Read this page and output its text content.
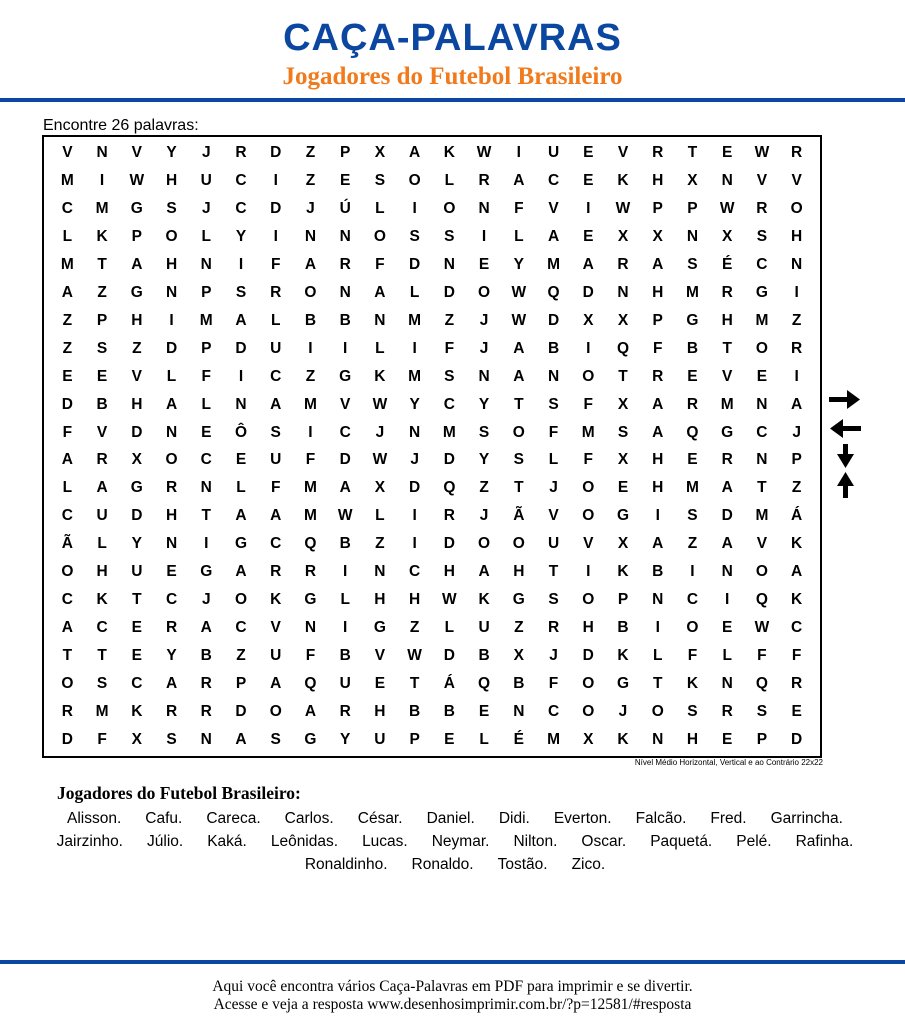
CAÇA-PALAVRAS
Jogadores do Futebol Brasileiro
Encontre 26 palavras:
V	N	V	Y	J	R	D	Z	P	X	A	K	W	I	U	E	V	R	T	E	W	R
M	I	W	H	U	C	I	Z	E	S	O	L	R	A	C	E	K	H	X	N	V	V
C	M	G	S	J	C	D	J	Ú	L	I	O	N	F	V	I	W	P	P	W	R	O
L	K	P	O	L	Y	I	N	N	O	S	S	I	L	A	E	X	X	N	X	S	H
M	T	A	H	N	I	F	A	R	F	D	N	E	Y	M	A	R	A	S	É	C	N
A	Z	G	N	P	S	R	O	N	A	L	D	O	W	Q	D	N	H	M	R	G	I
Z	P	H	I	M	A	L	B	B	N	M	Z	J	W	D	X	X	P	G	H	M	Z
Z	S	Z	D	P	D	U	I	I	L	I	F	J	A	B	I	Q	F	B	T	O	R
E	E	V	L	F	I	C	Z	G	K	M	S	N	A	N	O	T	R	E	V	E	I
D	B	H	A	L	N	A	M	V	W	Y	C	Y	T	S	F	X	A	R	M	N	A
F	V	D	N	E	Ô	S	I	C	J	N	M	S	O	F	M	S	A	Q	G	C	J
A	R	X	O	C	E	U	F	D	W	J	D	Y	S	L	F	X	H	E	R	N	P
L	A	G	R	N	L	F	M	A	X	D	Q	Z	T	J	O	E	H	M	A	T	Z
C	U	D	H	T	A	A	M	W	L	I	R	J	Ã	V	O	G	I	S	D	M	Á
Ã	L	Y	N	I	G	C	Q	B	Z	I	D	O	O	U	V	X	A	Z	A	V	K
O	H	U	E	G	A	R	R	I	N	C	H	A	H	T	I	K	B	I	N	O	A
C	K	T	C	J	O	K	G	L	H	H	W	K	G	S	O	P	N	C	I	Q	K
A	C	E	R	A	C	V	N	I	G	Z	L	U	Z	R	H	B	I	O	E	W	C
T	T	E	Y	B	Z	U	F	B	V	W	D	B	X	J	D	K	L	F	L	F	F
O	S	C	A	R	P	A	Q	U	E	T	Á	Q	B	F	O	G	T	K	N	Q	R
R	M	K	R	R	D	O	A	R	H	B	B	E	N	C	O	J	O	S	R	S	E
D	F	X	S	N	A	S	G	Y	U	P	E	L	É	M	X	K	N	H	E	P	D
Nível Médio Horizontal, Vertical e ao Contrário 22x22
Jogadores do Futebol Brasileiro:
Alisson. Cafu. Careca. Carlos. César. Daniel. Didi. Everton. Falcão. Fred. Garrincha.
Jairzinho. Júlio. Kaká. Leônidas. Lucas. Neymar. Nilton. Oscar. Paquetá. Pelé. Rafinha.
Ronaldinho. Ronaldo. Tostão. Zico.
Aqui você encontra vários Caça-Palavras em PDF para imprimir e se divertir.
Acesse e veja a resposta www.desenhosimprimir.com.br/?p=12581/#resposta
